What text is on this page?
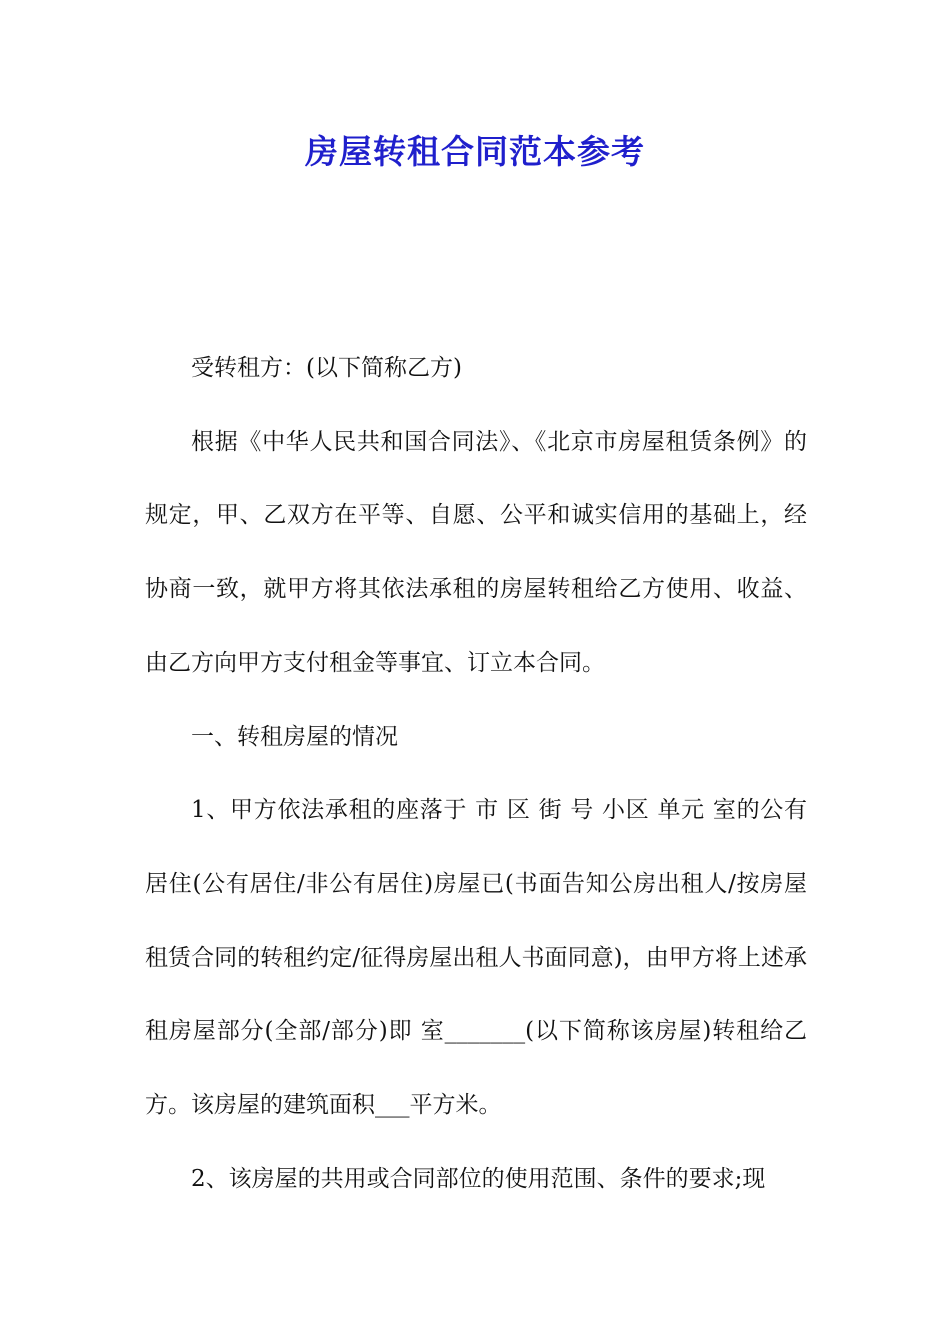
房屋转租合同范本参考

受转租方：(以下简称乙方)

根据《中华人民共和国合同法》、《北京市房屋租赁条例》的规定，甲、乙双方在平等、自愿、公平和诚实信用的基础上，经协商一致，就甲方将其依法承租的房屋转租给乙方使用、收益、由乙方向甲方支付租金等事宜、订立本合同。

一、转租房屋的情况

1、甲方依法承租的座落于 市 区 街 号 小区 单元 室的公有居住(公有居住/非公有居住)房屋已(书面告知公房出租人/按房屋租赁合同的转租约定/征得房屋出租人书面同意)，由甲方将上述承租房屋部分(全部/部分)即 室_______(以下简称该房屋)转租给乙方。该房屋的建筑面积___平方米。

2、该房屋的共用或合同部位的使用范围、条件的要求;现
